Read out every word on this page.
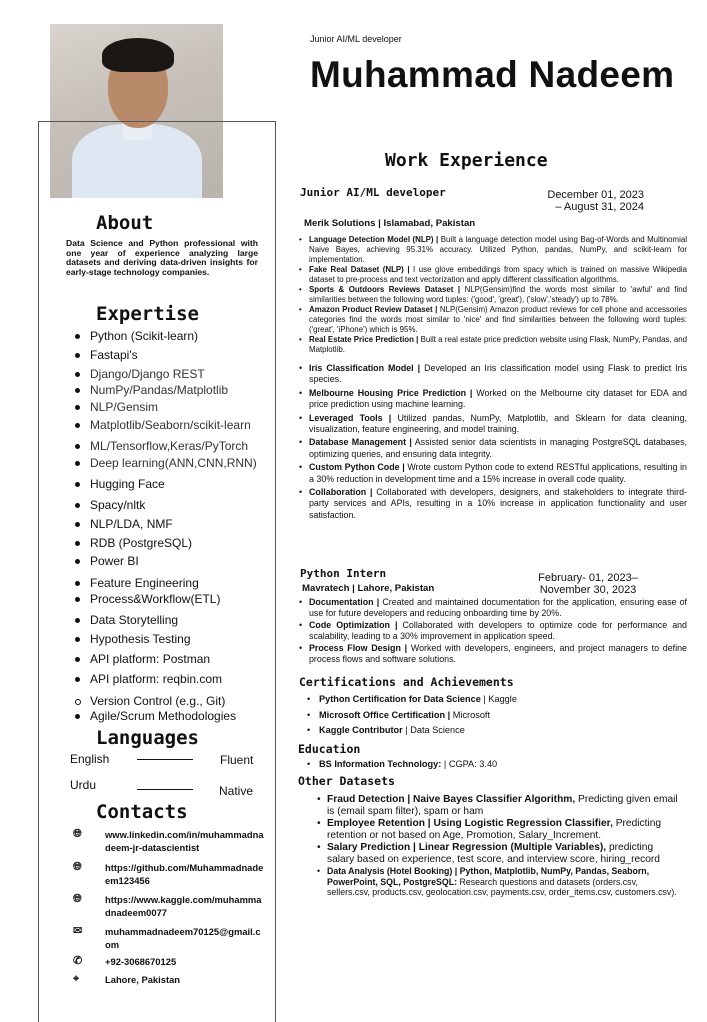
Junior AI/ML developer
Muhammad Nadeem
About
Data Science and Python professional with one year of experience analyzing large datasets and deriving data-driven insights for early-stage technology companies.
Expertise
Python (Scikit-learn)
Fastapi's
Django/Django REST
NumPy/Pandas/Matplotlib
NLP/Gensim
Matplotlib/Seaborn/scikit-learn
ML/Tensorflow,Keras/PyTorch
Deep learning(ANN,CNN,RNN)
Hugging Face
Spacy/nltk
NLP/LDA, NMF
RDB (PostgreSQL)
Power BI
Feature Engineering
Process&Workflow(ETL)
Data Storytelling
Hypothesis Testing
API platform: Postman
API platform: reqbin.com
Version Control (e.g., Git)
Agile/Scrum Methodologies
Languages
English	Fluent
Urdu	Native
Contacts
🌐︎ www.linkedin.com/in/muhammadnadeem-jr-datascientist
🌐︎ https://github.com/Muhammadnadeem123456
🌐︎ https://www.kaggle.com/muhammadnadeem0077
✉ muhammadnadeem70125@gmail.com
✆ +92-3068670125
⌖	Lahore, Pakistan
Work Experience
Junior AI/ML developer	December 01, 2023 – August 31, 2024
Merik Solutions | Islamabad, Pakistan
• Language Detection Model (NLP) | Built a language detection model using Bag-of-Words and Multinomial Naive Bayes, achieving 95.31% accuracy. Utilized Python, pandas, NumPy, and scikit-learn for implementation.
• Fake Real Dataset (NLP) | I use glove embeddings from spacy which is trained on massive Wikipedia dataset to pre-process and text vectorization and apply different classification algorithms.
• Sports & Outdoors Reviews Dataset | NLP(Gensim)find the words most similar to 'awful' and find similarities between the following word tuples: ('good', 'great'), ('slow','steady') up to 78%.
• Amazon Product Review Dataset | NLP(Gensim) Amazon product reviews for cell phone and accessories categories find the words most similar to 'nice' and find similarities between the following word tuples: ('great', 'iPhone') which is 95%.
• Real Estate Price Prediction | Built a real estate price prediction website using Flask, NumPy, Pandas, and Matplotlib.
• Iris Classification Model | Developed an Iris classification model using Flask to predict Iris species.
• Melbourne Housing Price Prediction | Worked on the Melbourne city dataset for EDA and price prediction using machine learning.
• Leveraged Tools | Utilized pandas, NumPy, Matplotlib, and Sklearn for data cleaning, visualization, feature engineering, and model training.
• Database Management | Assisted senior data scientists in managing PostgreSQL databases, optimizing queries, and ensuring data integrity.
• Custom Python Code | Wrote custom Python code to extend RESTful applications, resulting in a 30% reduction in development time and a 15% increase in overall code quality.
• Collaboration | Collaborated with developers, designers, and stakeholders to integrate third-party services and APIs, resulting in a 10% increase in application functionality and user satisfaction.
Python Intern	February- 01, 2023– November 30, 2023
Mavratech | Lahore, Pakistan
• Documentation | Created and maintained documentation for the application, ensuring ease of use for future developers and reducing onboarding time by 20%.
• Code Optimization | Collaborated with developers to optimize code for performance and scalability, leading to a 30% improvement in application speed.
• Process Flow Design | Worked with developers, engineers, and project managers to define process flows and software solutions.
Certifications and Achievements
• Python Certification for Data Science | Kaggle
• Microsoft Office Certification | Microsoft
• Kaggle Contributor | Data Science
Education
• BS Information Technology: | CGPA: 3.40
Other Datasets
• Fraud Detection | Naive Bayes Classifier Algorithm, Predicting given email is (email spam filter), spam or ham
• Employee Retention | Using Logistic Regression Classifier, Predicting retention or not based on Age, Promotion, Salary_Increment.
• Salary Prediction | Linear Regression (Multiple Variables), predicting salary based on experience, test score, and interview score, hiring_record
• Data Analysis (Hotel Booking) | Python, Matplotlib, NumPy, Pandas, Seaborn, PowerPoint, SQL, PostgreSQL: Research questions and datasets (orders.csv, sellers.csv, products.csv, geolocation.csv, payments.csv, order_items.csv, customers.csv).
